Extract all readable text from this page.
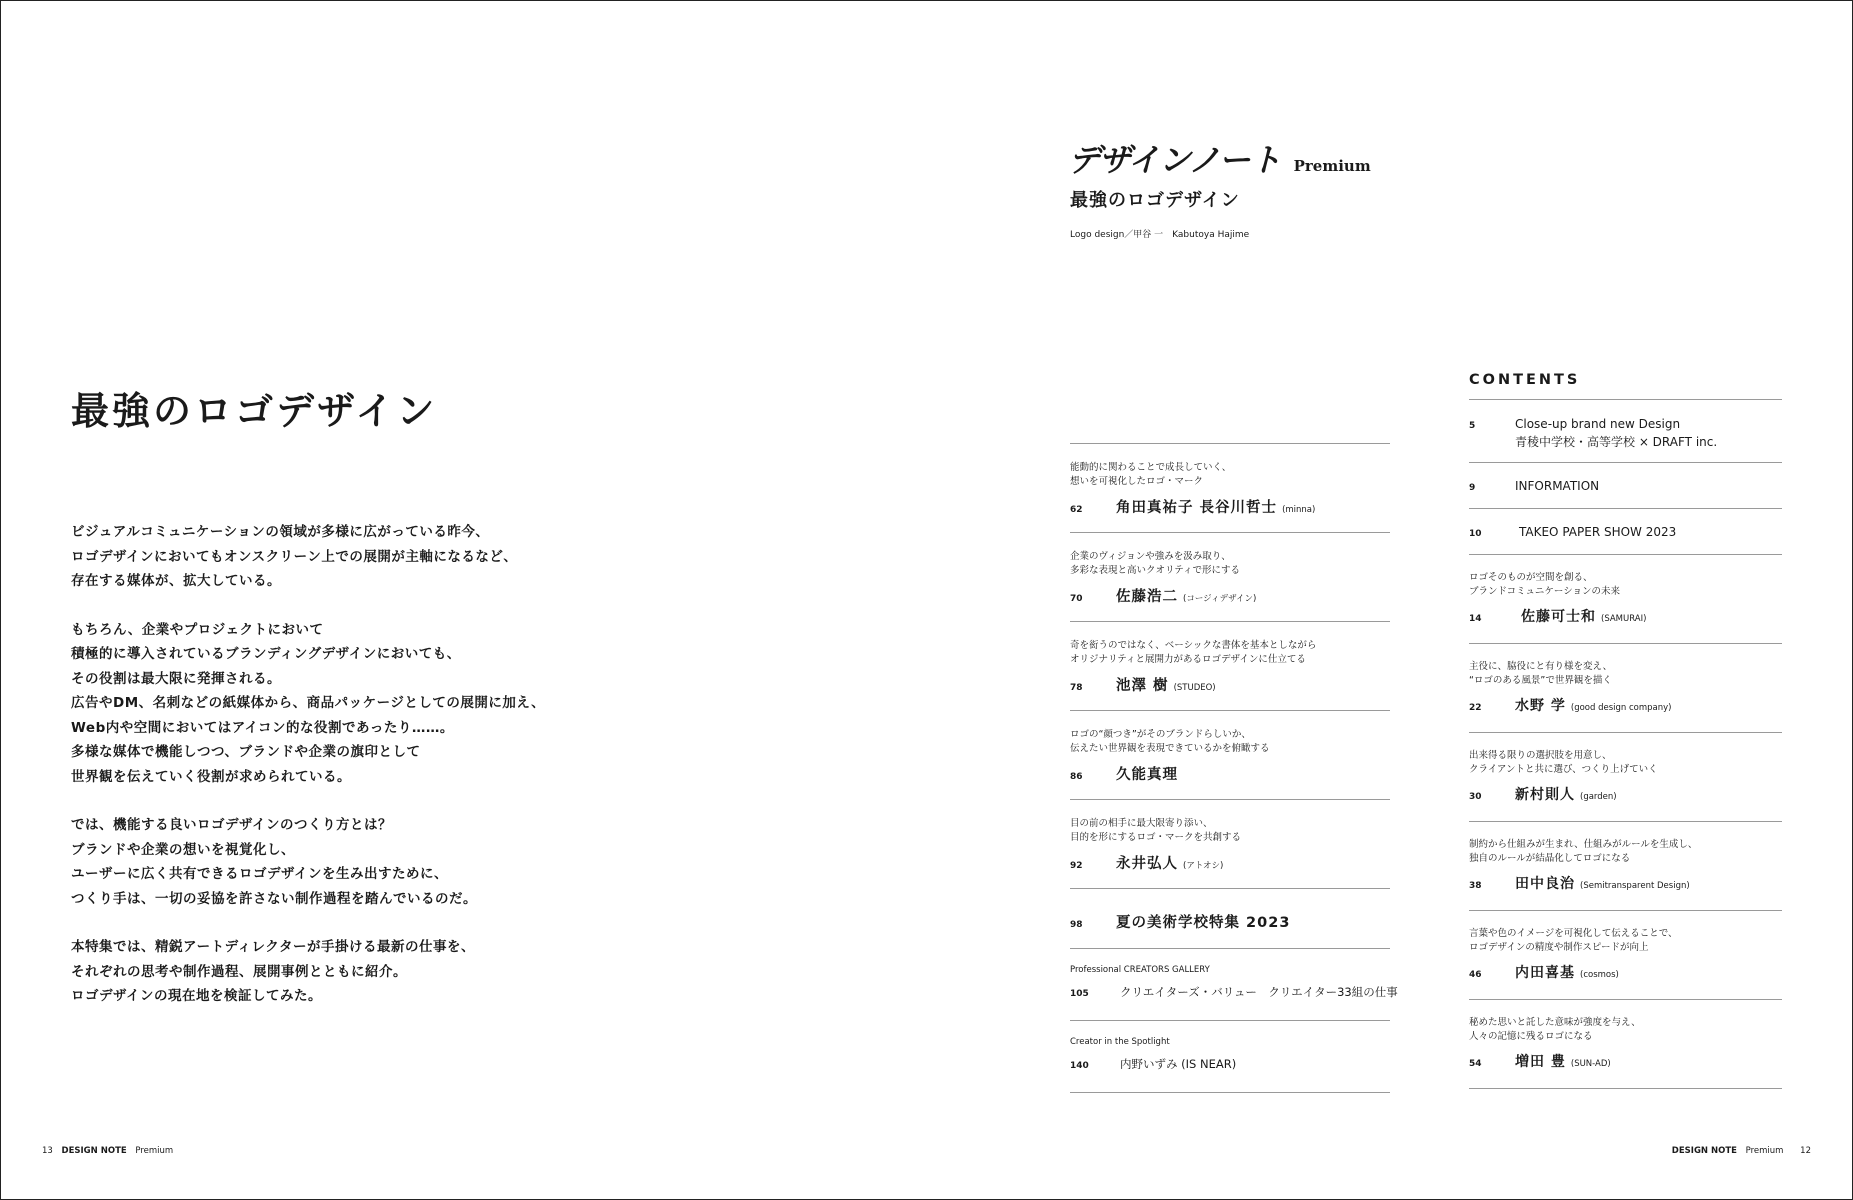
最強のロゴデザイン

ビジュアルコミュニケーションの領域が多様に広がっている昨今、
ロゴデザインにおいてもオンスクリーン上での展開が主軸になるなど、
存在する媒体が、拡大している。

もちろん、企業やプロジェクトにおいて
積極的に導入されているブランディングデザインにおいても、
その役割は最大限に発揮される。
広告やDM、名刺などの紙媒体から、商品パッケージとしての展開に加え、
Web内や空間においてはアイコン的な役割であったり……。
多様な媒体で機能しつつ、ブランドや企業の旗印として
世界観を伝えていく役割が求められている。

では、機能する良いロゴデザインのつくり方とは？
ブランドや企業の想いを視覚化し、
ユーザーに広く共有できるロゴデザインを生み出すために、
つくり手は、一切の妥協を許さない制作過程を踏んでいるのだ。

本特集では、精鋭アートディレクターが手掛ける最新の仕事を、
それぞれの思考や制作過程、展開事例とともに紹介。
ロゴデザインの現在地を検証してみた。

13 DESIGN NOTE Premium
デザインノート Premium
最強のロゴデザイン
Logo design／甲谷 一　Kabutoya Hajime

能動的に関わることで成長していく、
想いを可視化したロゴ・マーク

62	角田真祐子 長谷川哲士 (minna)

企業のヴィジョンや強みを汲み取り、
多彩な表現と高いクオリティで形にする

70	佐藤浩二 (コージィデザイン)

奇を衒うのではなく、ベーシックな書体を基本としながら
オリジナリティと展開力があるロゴデザインに仕立てる

78	池澤 樹 (STUDEO)

ロゴの“顔つき”がそのブランドらしいか、
伝えたい世界観を表現できているかを俯瞰する

86	久能真理

目の前の相手に最大限寄り添い、
目的を形にするロゴ・マークを共創する

92	永井弘人 (アトオシ)
98	夏の美術学校特集 2023

Professional CREATORS GALLERY

105	クリエイターズ・バリュー　クリエイター33組の仕事

Creator in the Spotlight

140	内野いずみ (IS NEAR)
CONTENTS
5	Close-up brand new Design
青稜中学校・高等学校 × DRAFT inc.
9	INFORMATION
10	TAKEO PAPER SHOW 2023

ロゴそのものが空間を創る、
ブランドコミュニケーションの未来

14	佐藤可士和 (SAMURAI)

主役に、脇役にと有り様を変え、
“ロゴのある風景”で世界観を描く

22	水野 学 (good design company)

出来得る限りの選択肢を用意し、
クライアントと共に選び、つくり上げていく

30	新村則人 (garden)

制約から仕組みが生まれ、仕組みがルールを生成し、
独自のルールが結晶化してロゴになる

38	田中良治 (Semitransparent Design)

言葉や色のイメージを可視化して伝えることで、
ロゴデザインの精度や制作スピードが向上

46	内田喜基 (cosmos)

秘めた思いと託した意味が強度を与え、
人々の記憶に残るロゴになる

54	増田 豊 (SUN-AD)
DESIGN NOTE Premium 12
